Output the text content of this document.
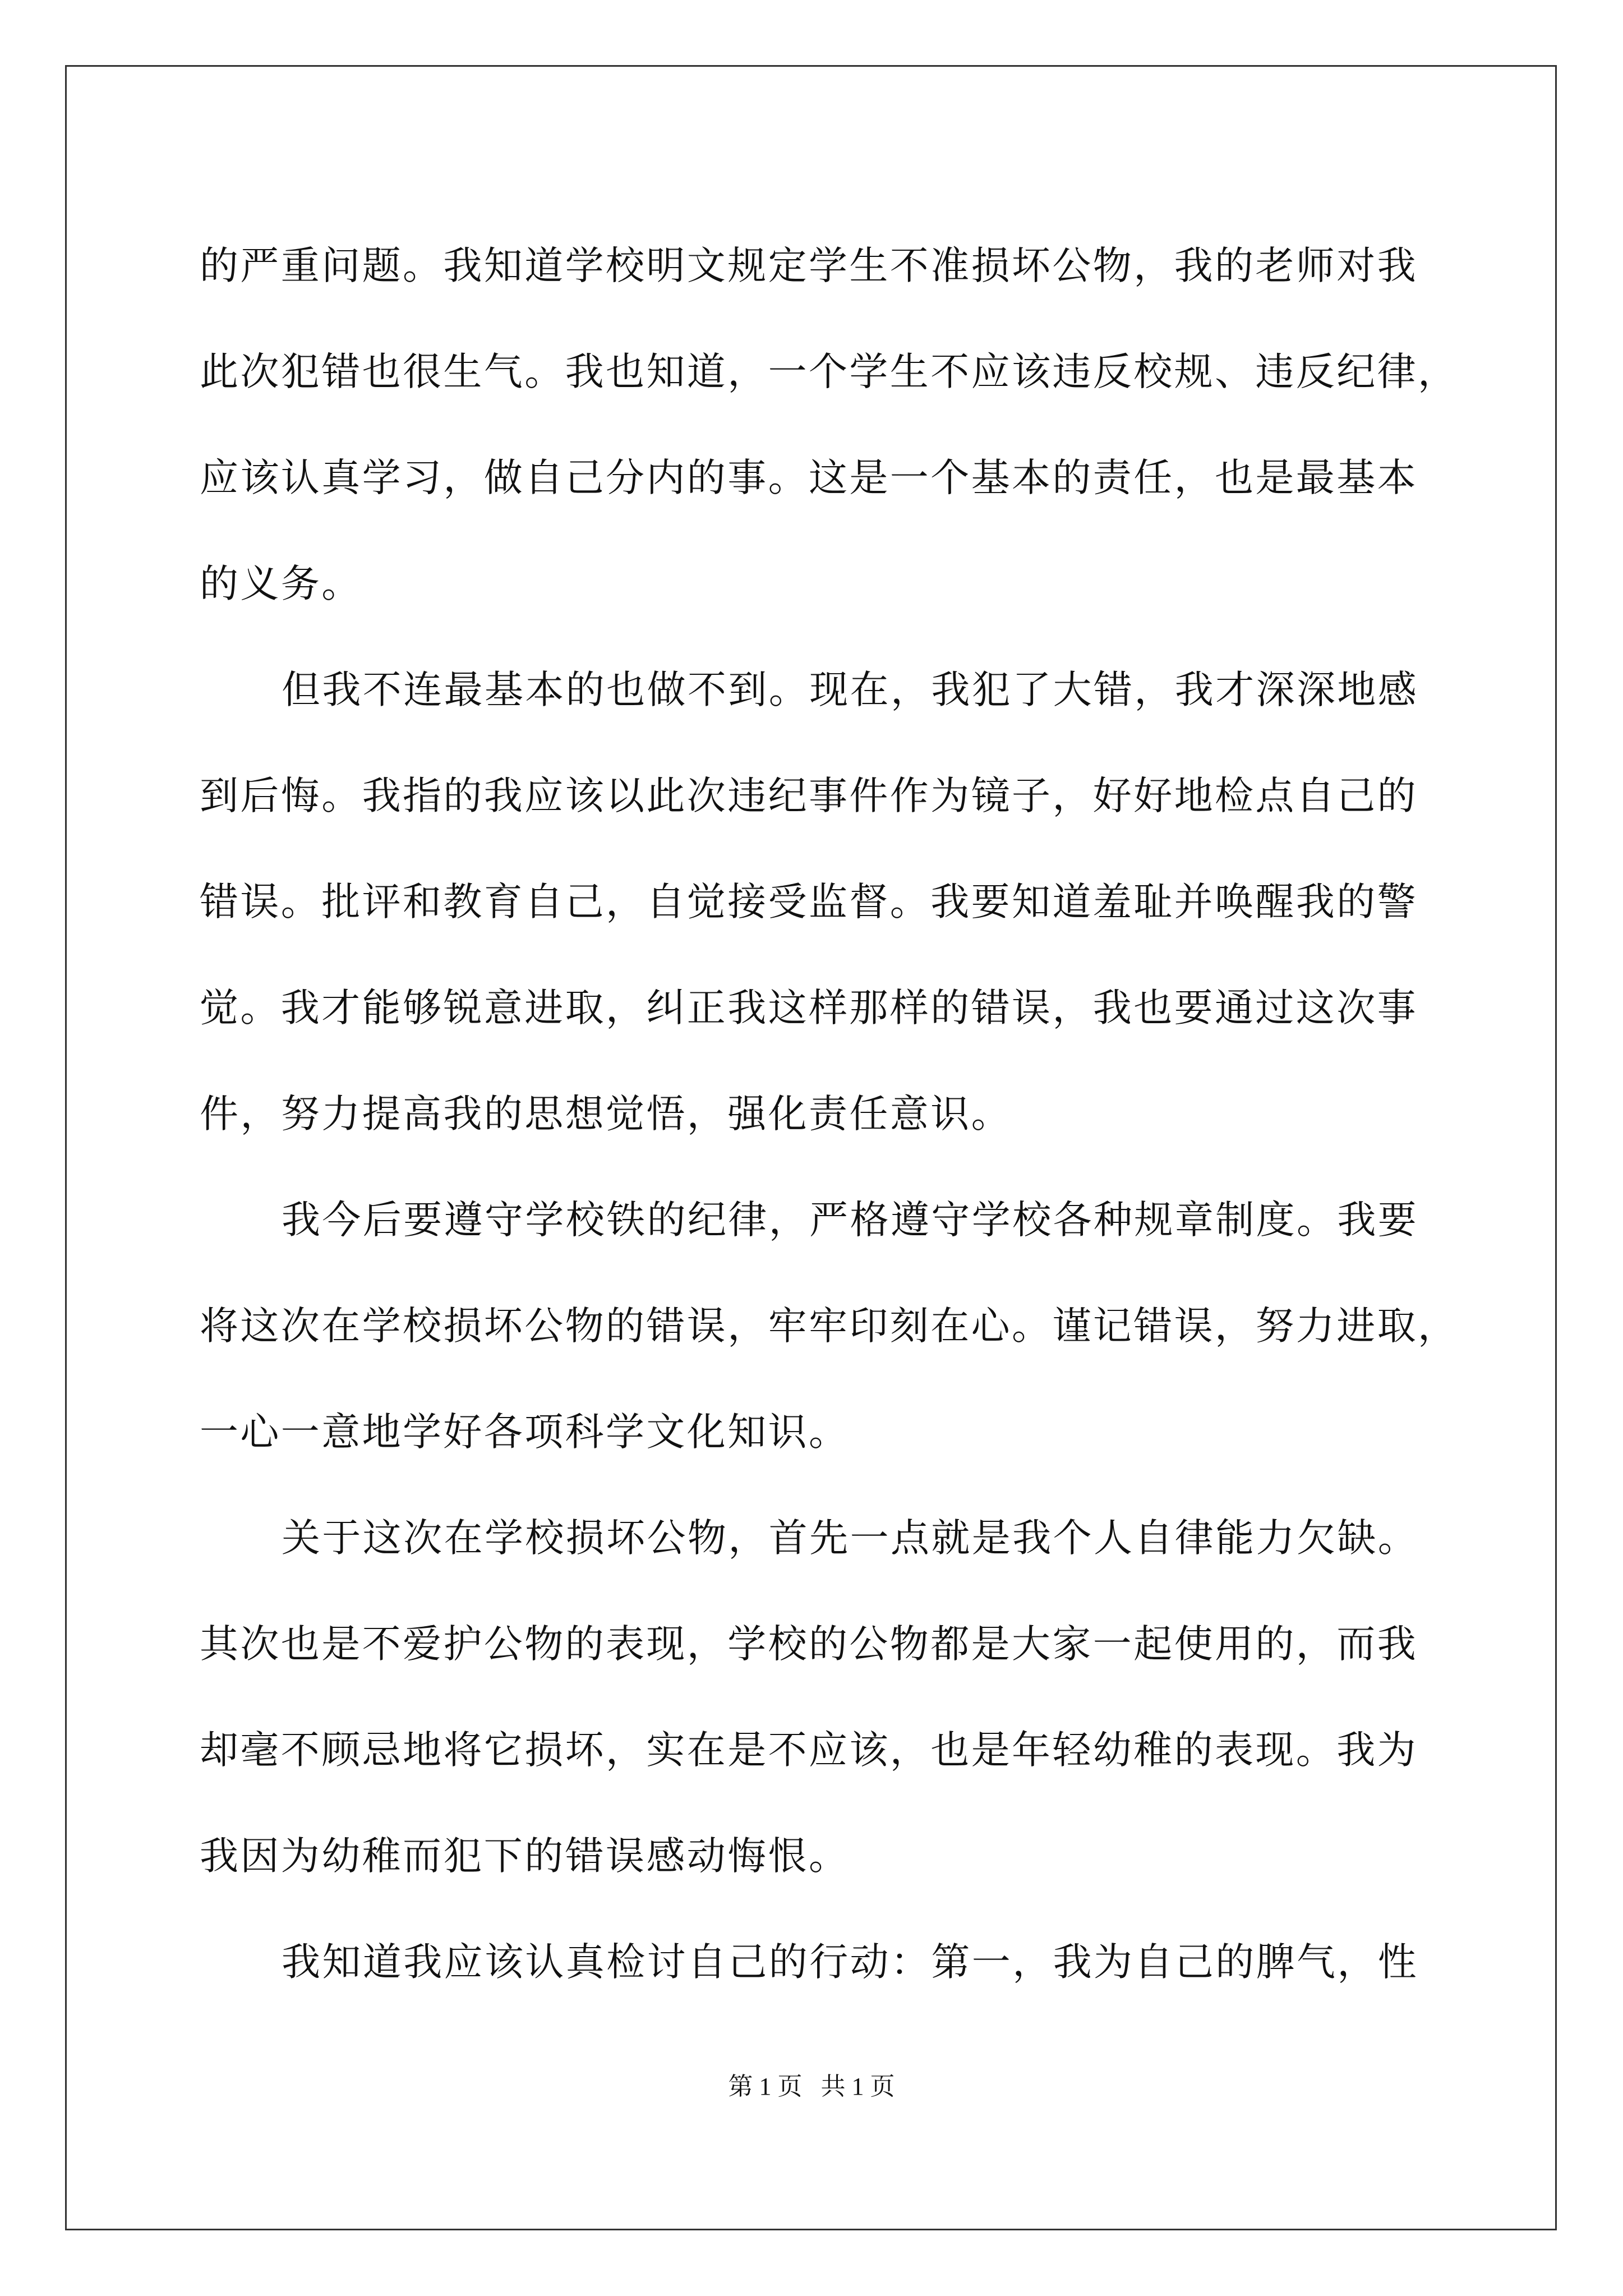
的严重问题。我知道学校明文规定学生不准损坏公物，我的老师对我
此次犯错也很生气。我也知道，一个学生不应该违反校规、违反纪律，
应该认真学习，做自己分内的事。这是一个基本的责任，也是最基本
的义务。
但我不连最基本的也做不到。现在，我犯了大错，我才深深地感
到后悔。我指的我应该以此次违纪事件作为镜子，好好地检点自己的
错误。批评和教育自己，自觉接受监督。我要知道羞耻并唤醒我的警
觉。我才能够锐意进取，纠正我这样那样的错误，我也要通过这次事
件，努力提高我的思想觉悟，强化责任意识。
我今后要遵守学校铁的纪律，严格遵守学校各种规章制度。我要
将这次在学校损坏公物的错误，牢牢印刻在心。谨记错误，努力进取，
一心一意地学好各项科学文化知识。
关于这次在学校损坏公物，首先一点就是我个人自律能力欠缺。
其次也是不爱护公物的表现，学校的公物都是大家一起使用的，而我
却毫不顾忌地将它损坏，实在是不应该，也是年轻幼稚的表现。我为
我因为幼稚而犯下的错误感动悔恨。
我知道我应该认真检讨自己的行动：第一，我为自己的脾气，性
第 1 页   共 1 页
